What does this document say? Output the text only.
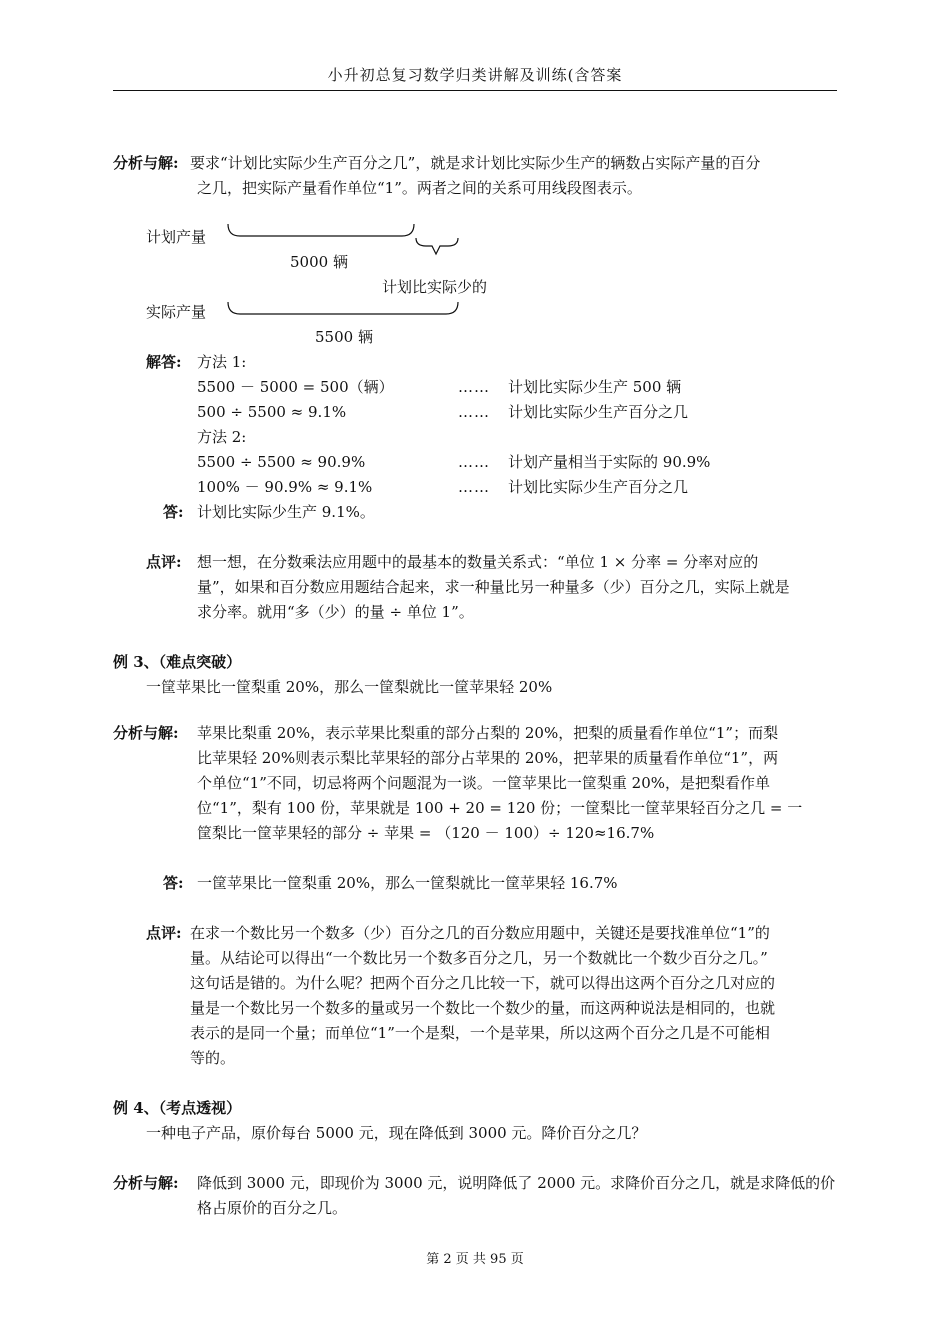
小升初总复习数学归类讲解及训练(含答案
分析与解: 要求“计划比实际少生产百分之几”，就是求计划比实际少生产的辆数占实际产量的百分
之几，把实际产量看作单位“1”。两者之间的关系可用线段图表示。
计划产量
5000 辆
计划比实际少的
实际产量
5500 辆
解答: 方法 1:
5500 － 5000 = 500（辆）	…… 计划比实际少生产 500 辆
500 ÷ 5500 ≈ 9.1%	…… 计划比实际少生产百分之几
方法 2:
5500 ÷ 5500 ≈ 90.9%	…… 计划产量相当于实际的 90.9%
100% － 90.9% ≈ 9.1%	…… 计划比实际少生产百分之几
答: 计划比实际少生产 9.1%。
点评: 想一想，在分数乘法应用题中的最基本的数量关系式：“单位 1 × 分率 = 分率对应的
量”，如果和百分数应用题结合起来，求一种量比另一种量多（少）百分之几，实际上就是
求分率。就用“多（少）的量 ÷ 单位 1”。
例 3、（难点突破）
一筐苹果比一筐梨重 20%，那么一筐梨就比一筐苹果轻 20%
分析与解: 苹果比梨重 20%，表示苹果比梨重的部分占梨的 20%，把梨的质量看作单位“1”；而梨
比苹果轻 20%则表示梨比苹果轻的部分占苹果的 20%，把苹果的质量看作单位“1”，两
个单位“1”不同，切忌将两个问题混为一谈。一筐苹果比一筐梨重 20%，是把梨看作单
位“1”，梨有 100 份，苹果就是 100 + 20 = 120 份；一筐梨比一筐苹果轻百分之几 = 一
筐梨比一筐苹果轻的部分 ÷ 苹果 = （120 － 100）÷ 120≈16.7%
答: 一筐苹果比一筐梨重 20%，那么一筐梨就比一筐苹果轻 16.7%
点评: 在求一个数比另一个数多（少）百分之几的百分数应用题中，关键还是要找准单位“1”的
量。从结论可以得出“一个数比另一个数多百分之几，另一个数就比一个数少百分之几。”
这句话是错的。为什么呢？把两个百分之几比较一下，就可以得出这两个百分之几对应的
量是一个数比另一个数多的量或另一个数比一个数少的量，而这两种说法是相同的，也就
表示的是同一个量；而单位“1”一个是梨，一个是苹果，所以这两个百分之几是不可能相
等的。
例 4、（考点透视）
一种电子产品，原价每台 5000 元，现在降低到 3000 元。降价百分之几？
分析与解: 降低到 3000 元，即现价为 3000 元，说明降低了 2000 元。求降价百分之几，就是求降低的价
格占原价的百分之几。
第 2 页 共 95 页
